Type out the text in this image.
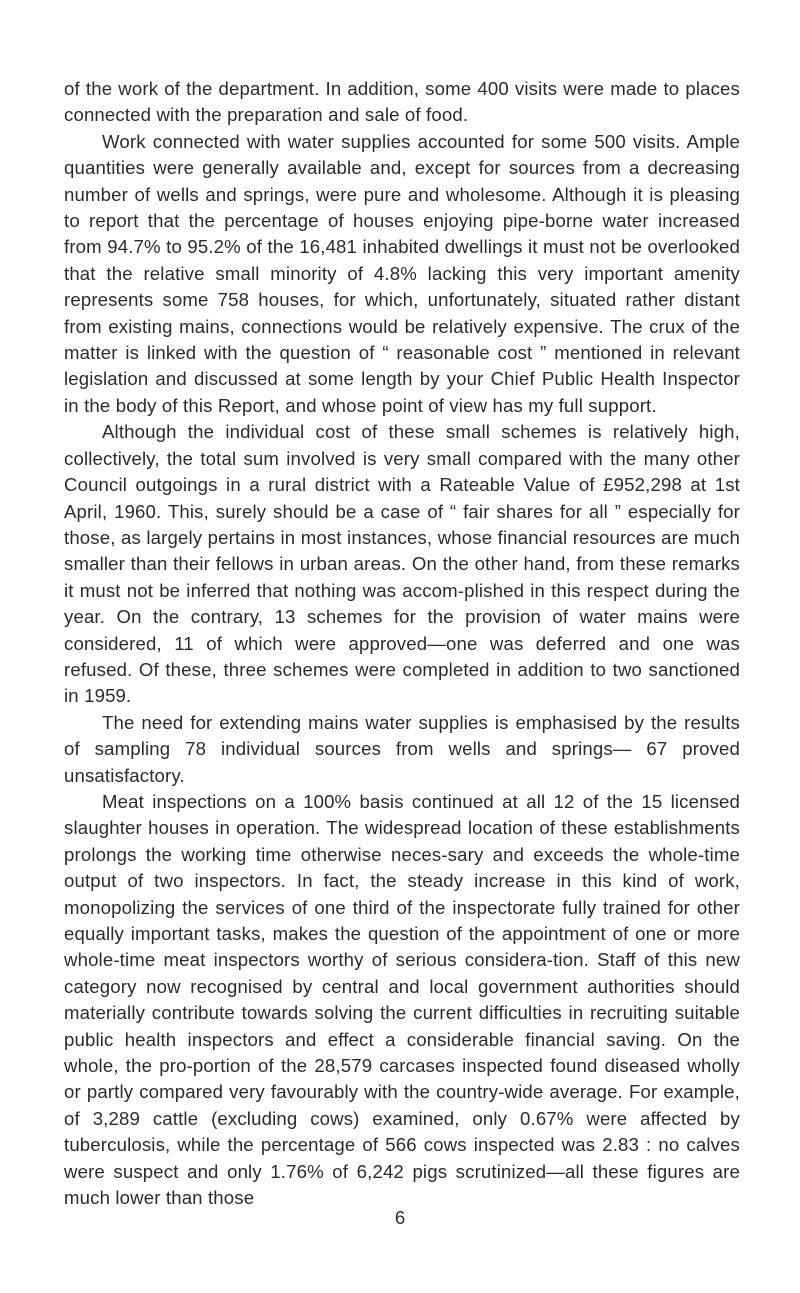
of the work of the department. In addition, some 400 visits were made to places connected with the preparation and sale of food.

Work connected with water supplies accounted for some 500 visits. Ample quantities were generally available and, except for sources from a decreasing number of wells and springs, were pure and wholesome. Although it is pleasing to report that the percentage of houses enjoying pipe-borne water increased from 94.7% to 95.2% of the 16,481 inhabited dwellings it must not be overlooked that the relative small minority of 4.8% lacking this very important amenity represents some 758 houses, for which, unfortunately, situated rather distant from existing mains, connections would be relatively expensive. The crux of the matter is linked with the question of “ reasonable cost ” mentioned in relevant legislation and discussed at some length by your Chief Public Health Inspector in the body of this Report, and whose point of view has my full support.

Although the individual cost of these small schemes is relatively high, collectively, the total sum involved is very small compared with the many other Council outgoings in a rural district with a Rateable Value of £952,298 at 1st April, 1960. This, surely should be a case of “ fair shares for all ” especially for those, as largely pertains in most instances, whose financial resources are much smaller than their fellows in urban areas. On the other hand, from these remarks it must not be inferred that nothing was accom-plished in this respect during the year. On the contrary, 13 schemes for the provision of water mains were considered, 11 of which were approved—one was deferred and one was refused. Of these, three schemes were completed in addition to two sanctioned in 1959.

The need for extending mains water supplies is emphasised by the results of sampling 78 individual sources from wells and springs— 67 proved unsatisfactory.

Meat inspections on a 100% basis continued at all 12 of the 15 licensed slaughter houses in operation. The widespread location of these establishments prolongs the working time otherwise neces-sary and exceeds the whole-time output of two inspectors. In fact, the steady increase in this kind of work, monopolizing the services of one third of the inspectorate fully trained for other equally important tasks, makes the question of the appointment of one or more whole-time meat inspectors worthy of serious considera-tion. Staff of this new category now recognised by central and local government authorities should materially contribute towards solving the current difficulties in recruiting suitable public health inspectors and effect a considerable financial saving. On the whole, the pro-portion of the 28,579 carcases inspected found diseased wholly or partly compared very favourably with the country-wide average. For example, of 3,289 cattle (excluding cows) examined, only 0.67% were affected by tuberculosis, while the percentage of 566 cows inspected was 2.83 : no calves were suspect and only 1.76% of 6,242 pigs scrutinized—all these figures are much lower than those

6
